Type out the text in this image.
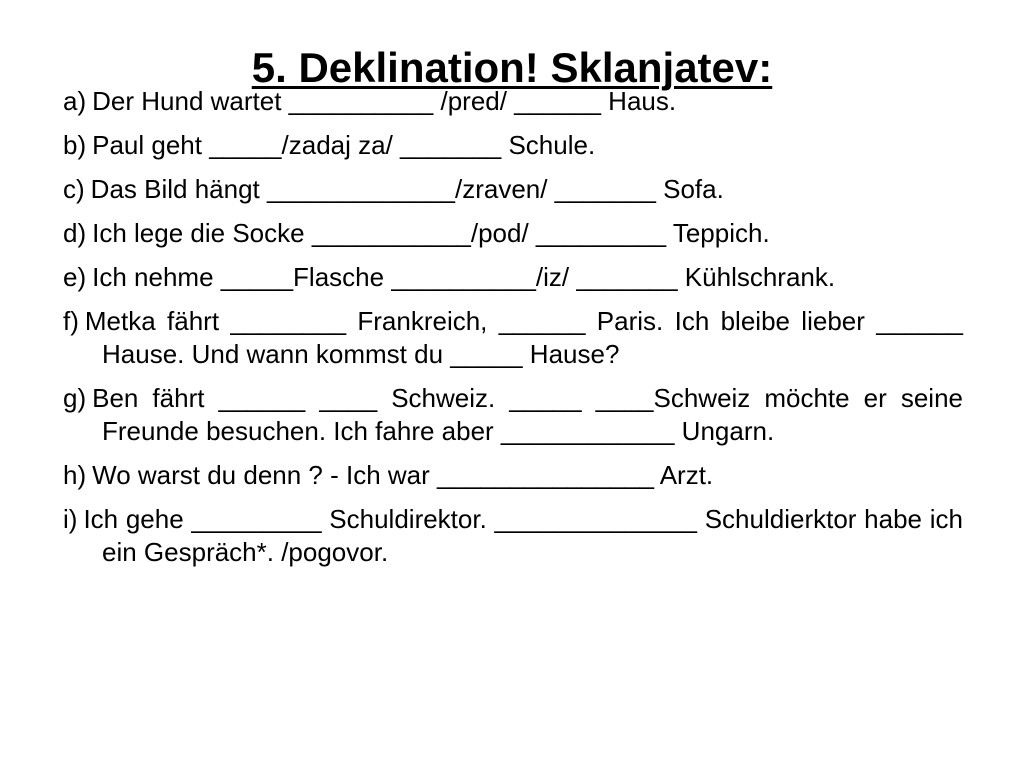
5. Deklination! Sklanjatev:
a) Der Hund wartet __________ /pred/ ______ Haus.
b) Paul geht _____/zadaj za/ _______ Schule.
c) Das Bild hängt _____________/zraven/ _______ Sofa.
d) Ich lege die Socke ___________/pod/ _________ Teppich.
e) Ich nehme _____Flasche __________/iz/ _______ Kühlschrank.
f) Metka fährt ________ Frankreich, ______ Paris. Ich bleibe lieber ______ Hause. Und wann kommst du _____ Hause?
g) Ben fährt ______ ____ Schweiz. _____ ____Schweiz möchte er seine Freunde besuchen. Ich fahre aber ____________ Ungarn.
h) Wo warst du denn ? - Ich war _______________ Arzt.
i) Ich gehe _________ Schuldirektor. ______________ Schuldierktor habe ich ein Gespräch*. /pogovor.
